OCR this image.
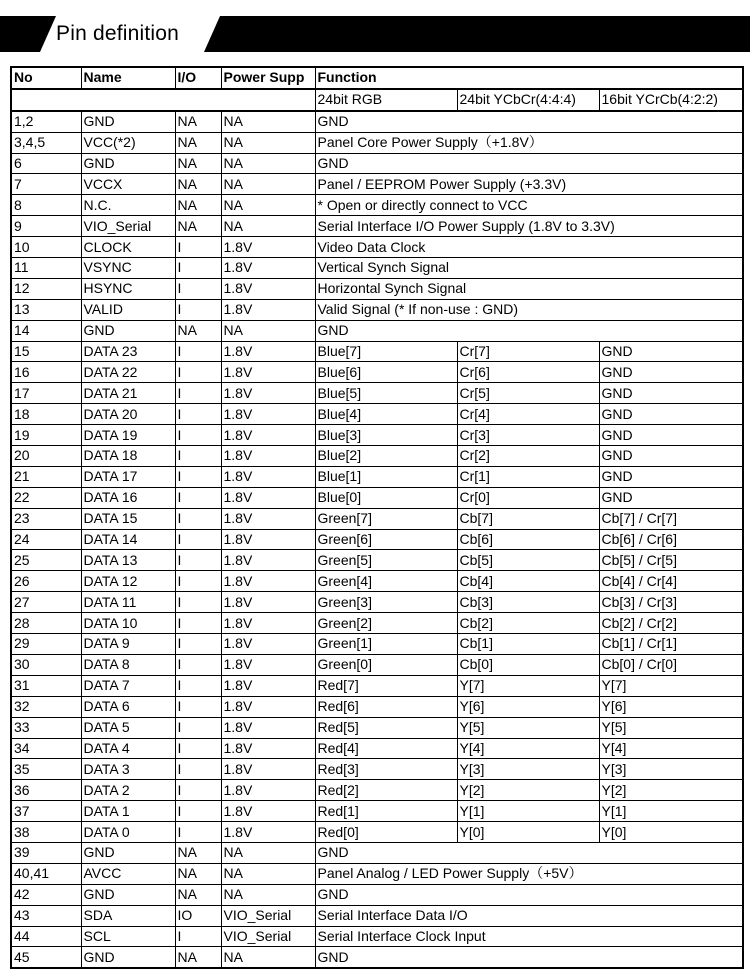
Pin definition
No	Name	I/O	Power Supp	Function		
				24bit RGB	24bit YCbCr(4:4:4)	16bit YCrCb(4:2:2)
1,2	GND	NA	NA	GND		
3,4,5	VCC(*2)	NA	NA	Panel Core Power Supply（+1.8V）		
6	GND	NA	NA	GND		
7	VCCX	NA	NA	Panel / EEPROM Power Supply (+3.3V)		
8	N.C.	NA	NA	* Open or directly connect to VCC		
9	VIO_Serial	NA	NA	Serial Interface I/O Power Supply (1.8V to 3.3V)		
10	CLOCK	I	1.8V	Video Data Clock		
11	VSYNC	I	1.8V	Vertical Synch Signal		
12	HSYNC	I	1.8V	Horizontal Synch Signal		
13	VALID	I	1.8V	Valid Signal (* If non-use : GND)		
14	GND	NA	NA	GND		
15	DATA 23	I	1.8V	Blue[7]	Cr[7]	GND
16	DATA 22	I	1.8V	Blue[6]	Cr[6]	GND
17	DATA 21	I	1.8V	Blue[5]	Cr[5]	GND
18	DATA 20	I	1.8V	Blue[4]	Cr[4]	GND
19	DATA 19	I	1.8V	Blue[3]	Cr[3]	GND
20	DATA 18	I	1.8V	Blue[2]	Cr[2]	GND
21	DATA 17	I	1.8V	Blue[1]	Cr[1]	GND
22	DATA 16	I	1.8V	Blue[0]	Cr[0]	GND
23	DATA 15	I	1.8V	Green[7]	Cb[7]	Cb[7] / Cr[7]
24	DATA 14	I	1.8V	Green[6]	Cb[6]	Cb[6] / Cr[6]
25	DATA 13	I	1.8V	Green[5]	Cb[5]	Cb[5] / Cr[5]
26	DATA 12	I	1.8V	Green[4]	Cb[4]	Cb[4] / Cr[4]
27	DATA 11	I	1.8V	Green[3]	Cb[3]	Cb[3] / Cr[3]
28	DATA 10	I	1.8V	Green[2]	Cb[2]	Cb[2] / Cr[2]
29	DATA 9	I	1.8V	Green[1]	Cb[1]	Cb[1] / Cr[1]
30	DATA 8	I	1.8V	Green[0]	Cb[0]	Cb[0] / Cr[0]
31	DATA 7	I	1.8V	Red[7]	Y[7]	Y[7]
32	DATA 6	I	1.8V	Red[6]	Y[6]	Y[6]
33	DATA 5	I	1.8V	Red[5]	Y[5]	Y[5]
34	DATA 4	I	1.8V	Red[4]	Y[4]	Y[4]
35	DATA 3	I	1.8V	Red[3]	Y[3]	Y[3]
36	DATA 2	I	1.8V	Red[2]	Y[2]	Y[2]
37	DATA 1	I	1.8V	Red[1]	Y[1]	Y[1]
38	DATA 0	I	1.8V	Red[0]	Y[0]	Y[0]
39	GND	NA	NA	GND		
40,41	AVCC	NA	NA	Panel Analog / LED Power Supply（+5V）		
42	GND	NA	NA	GND		
43	SDA	IO	VIO_Serial	Serial Interface Data I/O		
44	SCL	I	VIO_Serial	Serial Interface Clock Input		
45	GND	NA	NA	GND		
